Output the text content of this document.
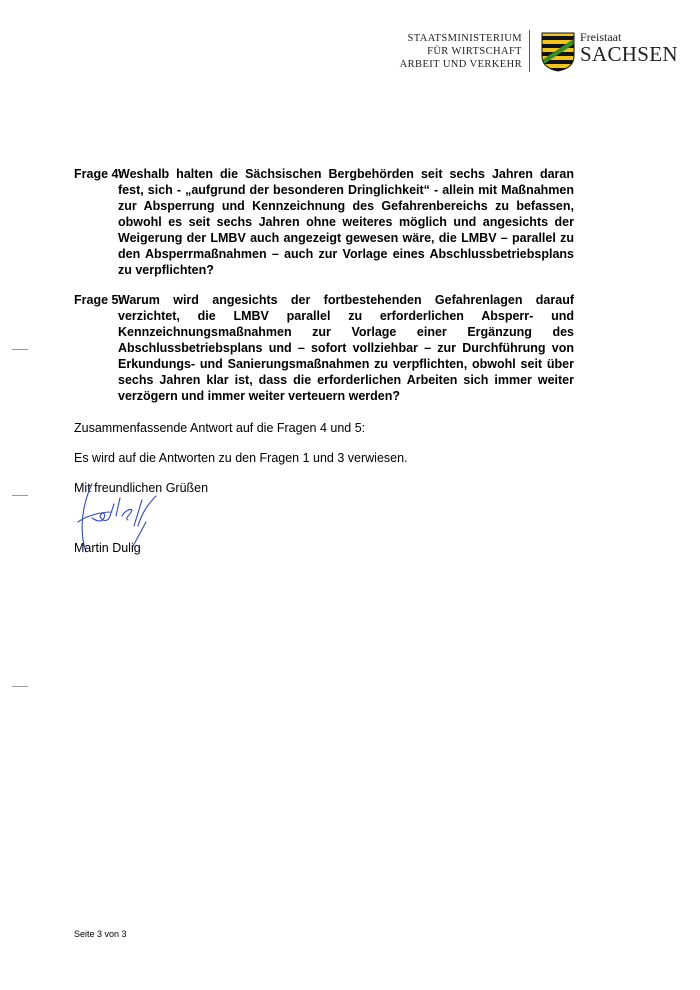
STAATSMINISTERIUM
FÜR WIRTSCHAFT
ARBEIT UND VERKEHR
Freistaat
SACHSEN
Frage 4:
Weshalb halten die Sächsischen Bergbehörden seit sechs Jahren daran fest, sich - „aufgrund der besonderen Dringlichkeit“ - allein mit Maßnahmen zur Absperrung und Kennzeichnung des Gefahrenbereichs zu befassen, obwohl es seit sechs Jahren ohne weiteres möglich und angesichts der Weigerung der LMBV auch angezeigt gewesen wäre, die LMBV – parallel zu den Absperrmaßnahmen – auch zur Vorlage eines Abschlussbetriebsplans zu verpflichten?
Frage 5:
Warum wird angesichts der fortbestehenden Gefahrenlagen darauf verzichtet, die LMBV parallel zu erforderlichen Absperr- und Kennzeichnungsmaßnahmen zur Vorlage einer Ergänzung des Abschlussbetriebsplans und – sofort vollziehbar – zur Durchführung von Erkundungs- und Sanierungsmaßnahmen zu verpflichten, obwohl seit über sechs Jahren klar ist, dass die erforderlichen Arbeiten sich immer weiter verzögern und immer weiter verteuern werden?

Zusammenfassende Antwort auf die Fragen 4 und 5:

Es wird auf die Antworten zu den Fragen 1 und 3 verwiesen.

Mit freundlichen Grüßen

Martin Dulig
Seite 3 von 3
